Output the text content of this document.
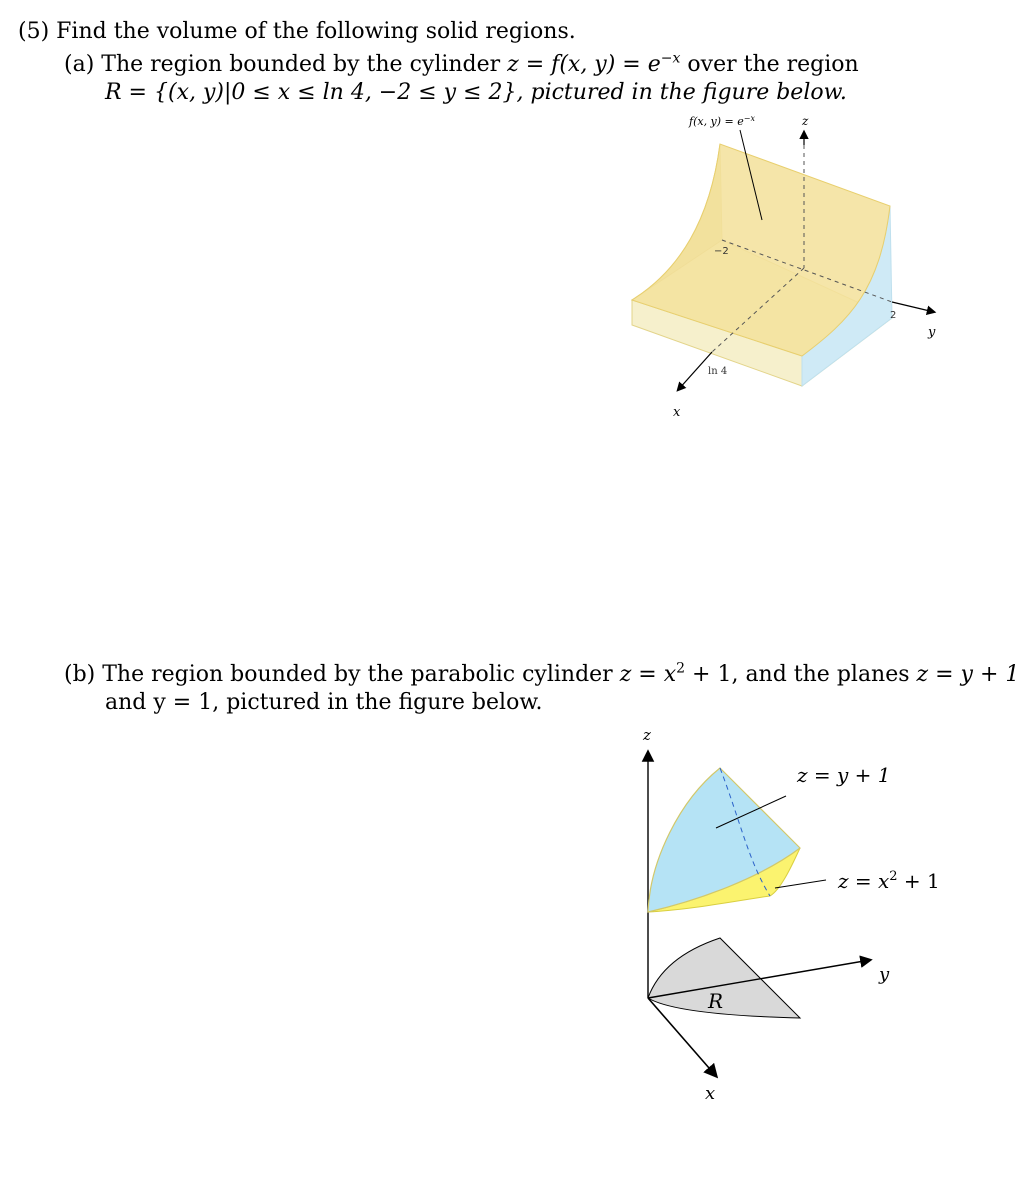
(5) Find the volume of the following solid regions.
(a) The region bounded by the cylinder z = f(x, $y) = e^{-x}$ over the region
R = {(x, y)|0 ≤ x ≤ ln 4, −2 ≤ y ≤ 2}, pictured in the figure below.
(b) The region bounded by the parabolic cylinder $z = x^2 + 1$, and the planes z = y + 1
and y = 1, pictured in the figure below.
f(x, $y) = e^{-x}$	z
y
x
−2
2
ln 4
z
y
x
z = y + 1
$z = x^2 + 1$
R
